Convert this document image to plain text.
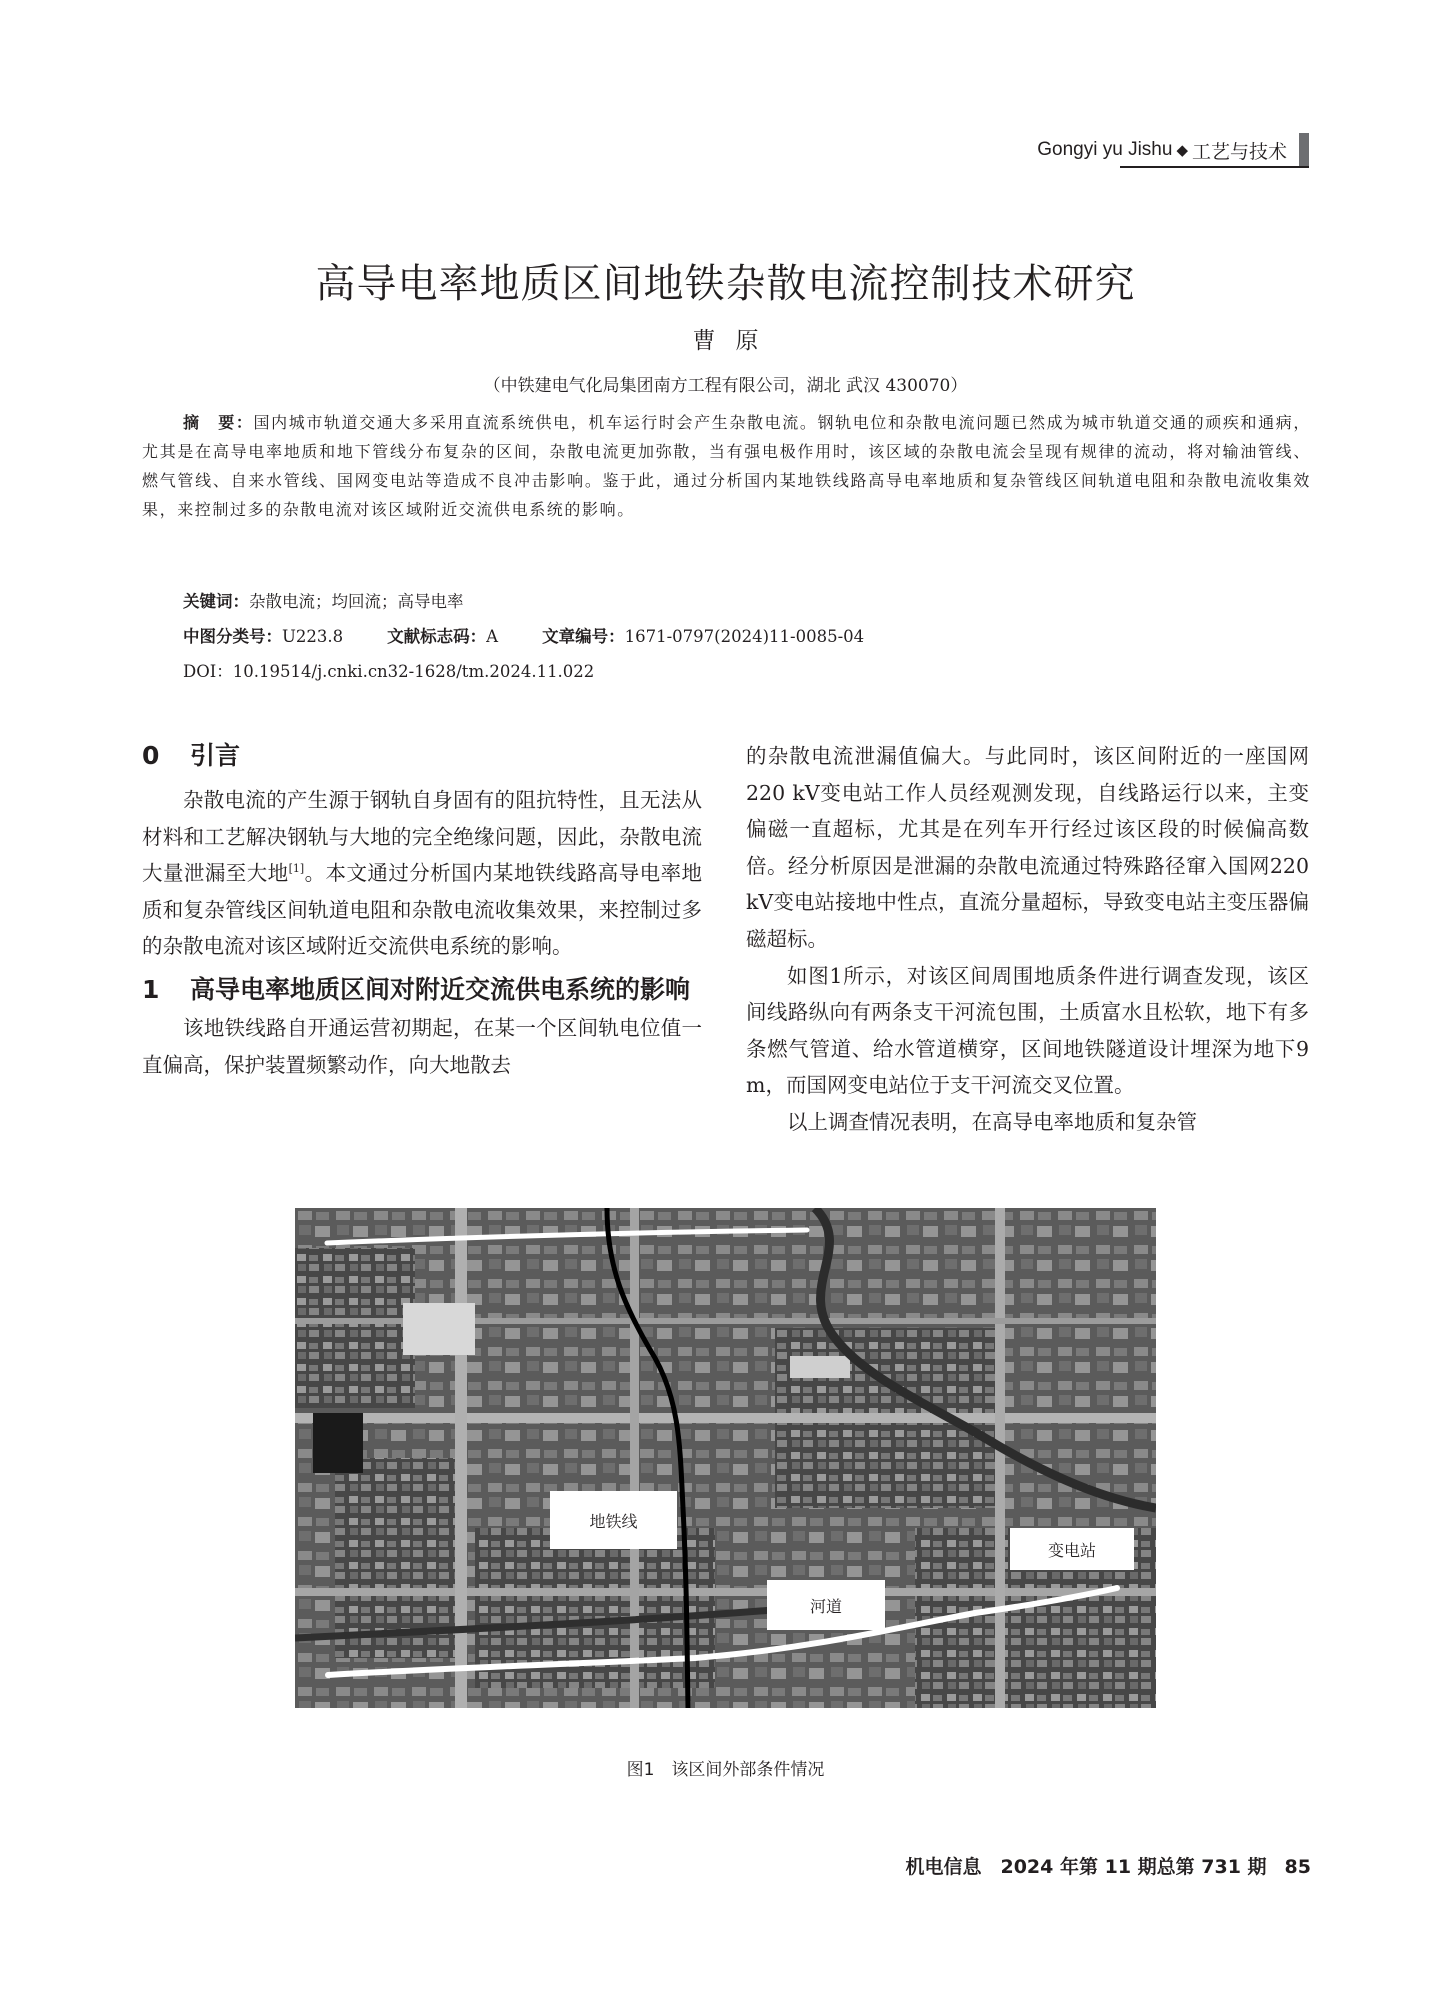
Gongyi yu Jishu ◆ 工艺与技术
高导电率地质区间地铁杂散电流控制技术研究
曹原
（中铁建电气化局集团南方工程有限公司，湖北 武汉 430070）
摘　要：国内城市轨道交通大多采用直流系统供电，机车运行时会产生杂散电流。钢轨电位和杂散电流问题已然成为城市轨道交通的顽疾和通病，尤其是在高导电率地质和地下管线分布复杂的区间，杂散电流更加弥散，当有强电极作用时，该区域的杂散电流会呈现有规律的流动，将对输油管线、燃气管线、自来水管线、国网变电站等造成不良冲击影响。鉴于此，通过分析国内某地铁线路高导电率地质和复杂管线区间轨道电阻和杂散电流收集效果，来控制过多的杂散电流对该区域附近交流供电系统的影响。
关键词：杂散电流；均回流；高导电率
中图分类号：U223.8	文献标志码：A	文章编号：1671-0797(2024)11-0085-04
DOI：10.19514/j.cnki.cn32-1628/tm.2024.11.022
0 引言

杂散电流的产生源于钢轨自身固有的阻抗特性，且无法从材料和工艺解决钢轨与大地的完全绝缘问题，因此，杂散电流大量泄漏至大地[1]。本文通过分析国内某地铁线路高导电率地质和复杂管线区间轨道电阻和杂散电流收集效果，来控制过多的杂散电流对该区域附近交流供电系统的影响。

1 高导电率地质区间对附近交流供电系统的影响

该地铁线路自开通运营初期起，在某一个区间轨电位值一直偏高，保护装置频繁动作，向大地散去

的杂散电流泄漏值偏大。与此同时，该区间附近的一座国网220 kV变电站工作人员经观测发现，自线路运行以来，主变偏磁一直超标，尤其是在列车开行经过该区段的时候偏高数倍。经分析原因是泄漏的杂散电流通过特殊路径窜入国网220 kV变电站接地中性点，直流分量超标，导致变电站主变压器偏磁超标。

如图1所示，对该区间周围地质条件进行调查发现，该区间线路纵向有两条支干河流包围，土质富水且松软，地下有多条燃气管道、给水管道横穿，区间地铁隧道设计埋深为地下9 m，而国网变电站位于支干河流交叉位置。

以上调查情况表明，在高导电率地质和复杂管

地铁线
河道
变电站
图1　该区间外部条件情况
机电信息　2024 年第 11 期总第 731 期 85
